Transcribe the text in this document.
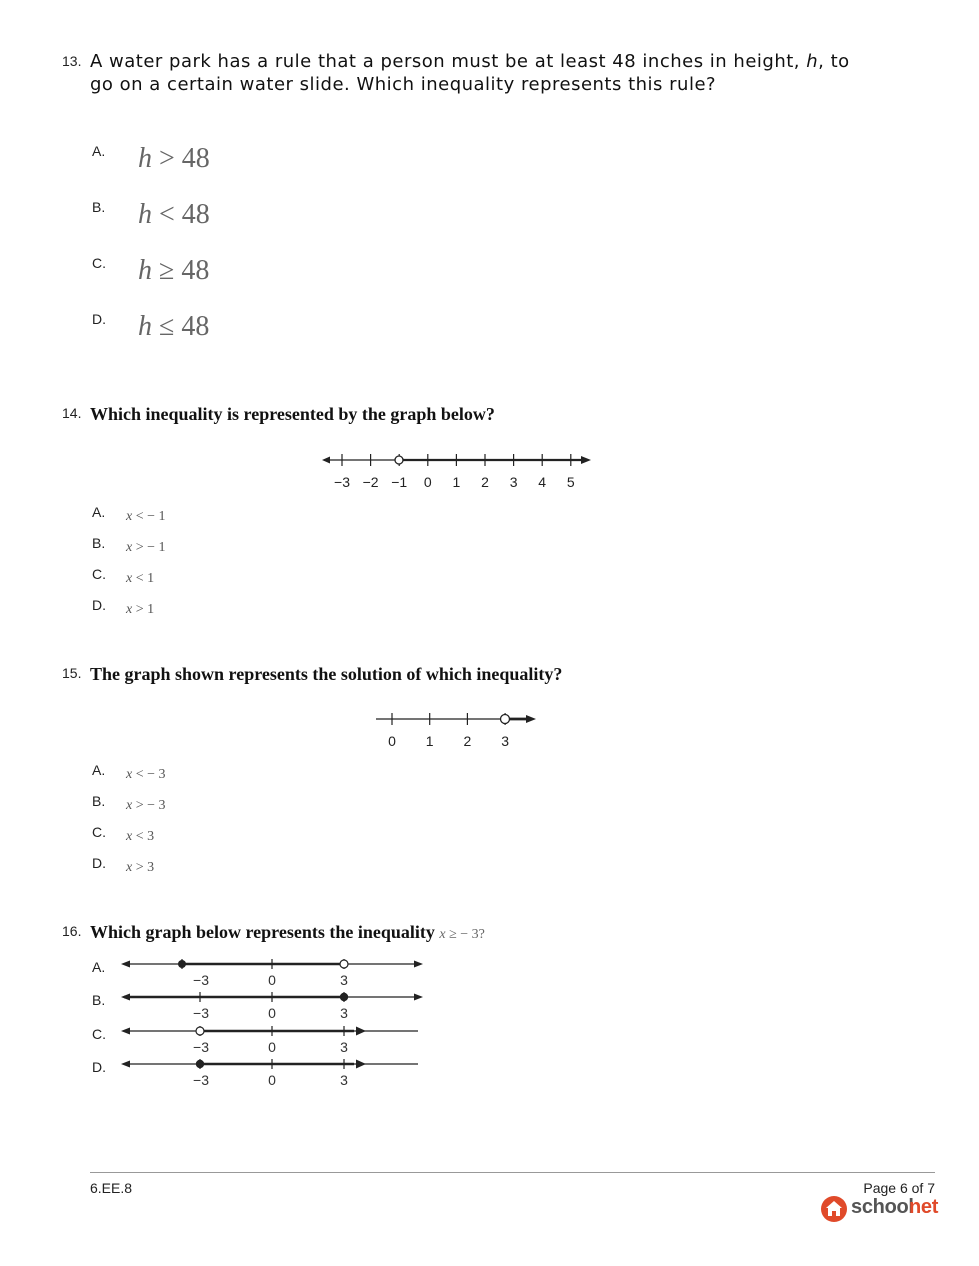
13. A water park has a rule that a person must be at least 48 inches in height, h, to go on a certain water slide. Which inequality represents this rule?
A. h > 48
B. h < 48
C. h ≥ 48
D. h ≤ 48
14. Which inequality is represented by the graph below?
−3 −2 −1 0 1 2 3 4 5
A. x < − 1
B. x > − 1
C. x < 1
D. x > 1
15. The graph shown represents the solution of which inequality?
0 1 2 3
A. x < − 3
B. x > − 3
C. x < 3
D. x > 3
16. Which graph below represents the inequality x ≥ − 3?
A.
−3	0	3
B.
−3	0	3
C.
−3	0	3
D.
−3	0	3
6.EE.8	Page 6 of 7
school
net
